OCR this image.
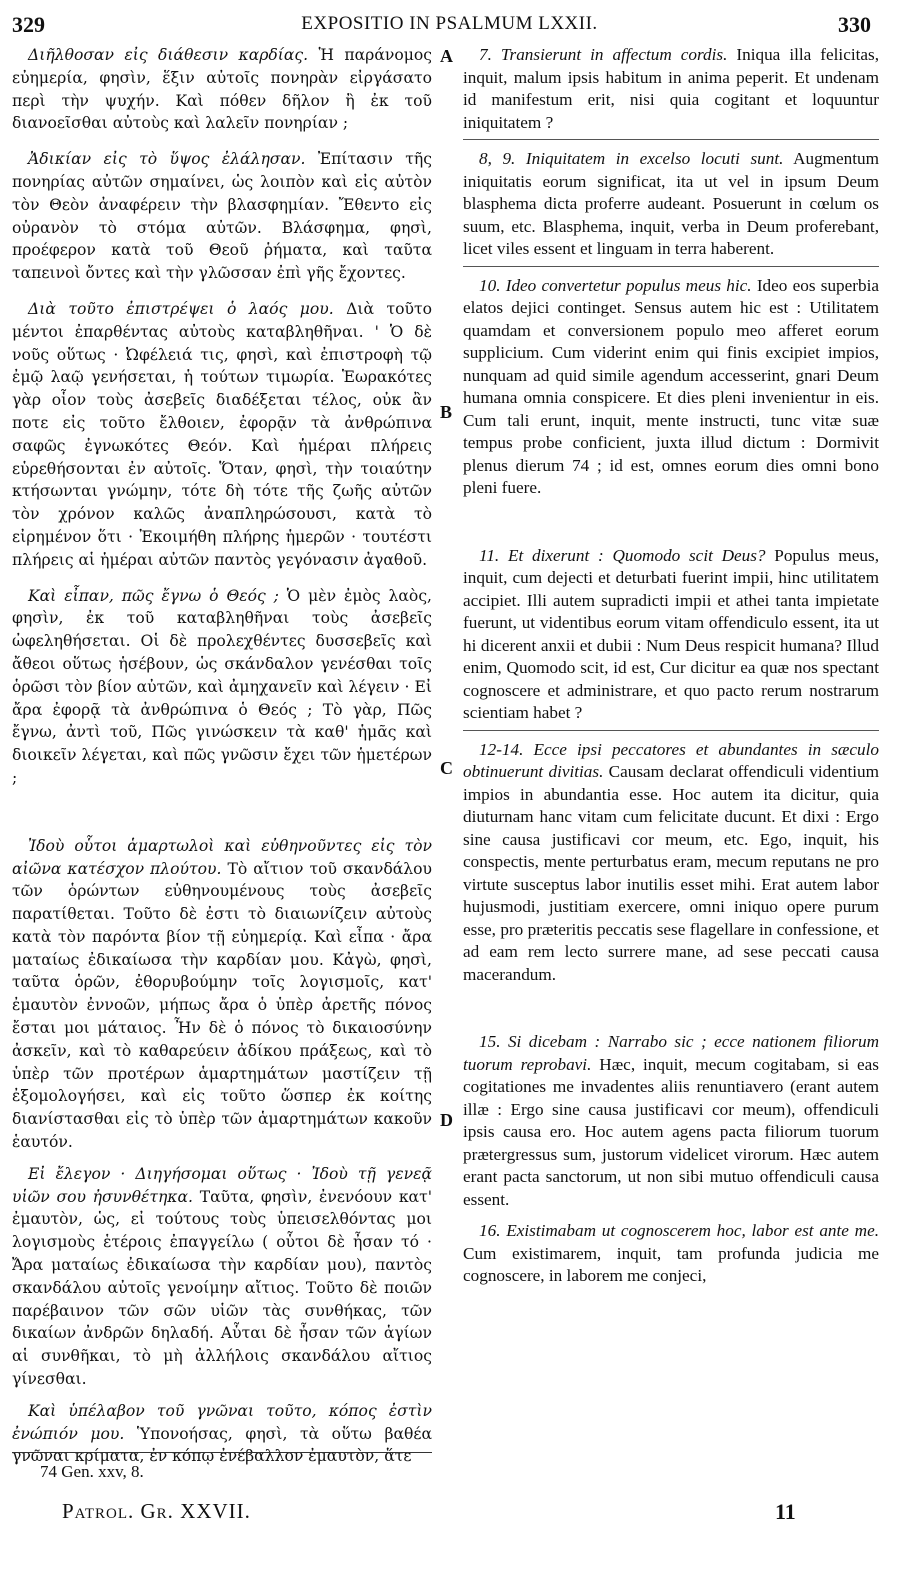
329	EXPOSITIO IN PSALMUM LXXII.	330
A
B
C
D

Διῆλθοσαν εἰς διάθεσιν καρδίας. Ἡ παράνομος εὐημερία, φησὶν, ἕξιν αὐτοῖς πονηρὰν εἰργάσατο περὶ τὴν ψυχήν. Καὶ πόθεν δῆλον ἢ ἐκ τοῦ διανοεῖσθαι αὐτοὺς καὶ λαλεῖν πονηρίαν ;

Ἀδικίαν εἰς τὸ ὕψος ἐλάλησαν. Ἐπίτασιν τῆς πονηρίας αὐτῶν σημαίνει, ὡς λοιπὸν καὶ εἰς αὐτὸν τὸν Θεὸν ἀναφέρειν τὴν βλασφημίαν. Ἔθεντο εἰς οὐρανὸν τὸ στόμα αὐτῶν. Βλάσφημα, φησὶ, προέφερον κατὰ τοῦ Θεοῦ ῥήματα, καὶ ταῦτα ταπεινοὶ ὄντες καὶ τὴν γλῶσσαν ἐπὶ γῆς ἔχοντες.

Διὰ τοῦτο ἐπιστρέψει ὁ λαός μου. Διὰ τοῦτο μέντοι ἐπαρθέντας αὐτοὺς καταβληθῆναι. ' Ὁ δὲ νοῦς οὕτως · Ὠφέλειά τις, φησὶ, καὶ ἐπιστροφὴ τῷ ἐμῷ λαῷ γενήσεται, ἡ τούτων τιμωρία. Ἑωρακότες γὰρ οἷον τοὺς ἀσεβεῖς διαδέξεται τέλος, οὐκ ἂν ποτε εἰς τοῦτο ἔλθοιεν, ἐφορᾷν τὰ ἀνθρώπινα σαφῶς ἐγνωκότες Θεόν. Καὶ ἡμέραι πλήρεις εὑρεθήσονται ἐν αὐτοῖς. Ὅταν, φησὶ, τὴν τοιαύτην κτήσωνται γνώμην, τότε δὴ τότε τῆς ζωῆς αὐτῶν τὸν χρόνον καλῶς ἀναπληρώσουσι, κατὰ τὸ εἰρημένον ὅτι · Ἐκοιμήθη πλήρης ἡμερῶν · τουτέστι πλήρεις αἱ ἡμέραι αὐτῶν παντὸς γεγόνασιν ἀγαθοῦ.

Καὶ εἶπαν, πῶς ἔγνω ὁ Θεός ; Ὁ μὲν ἐμὸς λαὸς, φησὶν, ἐκ τοῦ καταβληθῆναι τοὺς ἀσεβεῖς ὠφεληθήσεται. Οἱ δὲ προλεχθέντες δυσσεβεῖς καὶ ἄθεοι οὕτως ἡσέβουν, ὡς σκάνδαλον γενέσθαι τοῖς ὁρῶσι τὸν βίον αὐτῶν, καὶ ἀμηχανεῖν καὶ λέγειν · Εἰ ἄρα ἐφορᾷ τὰ ἀνθρώπινα ὁ Θεός ; Τὸ γὰρ, Πῶς ἔγνω, ἀντὶ τοῦ, Πῶς γινώσκειν τὰ καθ' ἡμᾶς καὶ διοικεῖν λέγεται, καὶ πῶς γνῶσιν ἔχει τῶν ἡμετέρων ;

Ἰδοὺ οὗτοι ἁμαρτωλοὶ καὶ εὐθηνοῦντες εἰς τὸν αἰῶνα κατέσχον πλούτου. Τὸ αἴτιον τοῦ σκανδάλου τῶν ὁρώντων εὐθηνουμένους τοὺς ἀσεβεῖς παρατίθεται. Τοῦτο δὲ ἐστι τὸ διαιωνίζειν αὐτοὺς κατὰ τὸν παρόντα βίον τῇ εὐημερίᾳ. Καὶ εἶπα · ἄρα ματαίως ἐδικαίωσα τὴν καρδίαν μου. Κἀγὼ, φησὶ, ταῦτα ὁρῶν, ἐθορυβούμην τοῖς λογισμοῖς, κατ' ἐμαυτὸν ἐννοῶν, μήπως ἄρα ὁ ὑπὲρ ἀρετῆς πόνος ἔσται μοι μάταιος. Ἦν δὲ ὁ πόνος τὸ δικαιοσύνην ἀσκεῖν, καὶ τὸ καθαρεύειν ἀδίκου πράξεως, καὶ τὸ ὑπὲρ τῶν προτέρων ἁμαρτημάτων μαστίζειν τῇ ἐξομολογήσει, καὶ εἰς τοῦτο ὥσπερ ἐκ κοίτης διανίστασθαι εἰς τὸ ὑπὲρ τῶν ἁμαρτημάτων κακοῦν ἑαυτόν.

Εἰ ἔλεγον · Διηγήσομαι οὕτως · Ἰδοὺ τῇ γενεᾷ υἱῶν σου ἠσυνθέτηκα. Ταῦτα, φησὶν, ἐνενόουν κατ' ἐμαυτὸν, ὡς, εἰ τούτους τοὺς ὑπεισελθόντας μοι λογισμοὺς ἑτέροις ἐπαγγείλω ( οὗτοι δὲ ἦσαν τό · Ἄρα ματαίως ἐδικαίωσα τὴν καρδίαν μου), παντὸς σκανδάλου αὐτοῖς γενοίμην αἴτιος. Τοῦτο δὲ ποιῶν παρέβαινον τῶν σῶν υἱῶν τὰς συνθήκας, τῶν δικαίων ἀνδρῶν δηλαδή. Αὗται δὲ ἦσαν τῶν ἁγίων αἱ συνθῆκαι, τὸ μὴ ἀλλήλοις σκανδάλου αἴτιος γίνεσθαι.

Καὶ ὑπέλαβον τοῦ γνῶναι τοῦτο, κόπος ἐστὶν ἐνώπιόν μου. Ὑπονοήσας, φησὶ, τὰ οὕτω βαθέα γνῶναι κρίματα, ἐν κόπῳ ἐνέβαλλον ἐμαυτὸν, ἅτε

7. Transierunt in affectum cordis. Iniqua illa felicitas, inquit, malum ipsis habitum in anima peperit. Et undenam id manifestum erit, nisi quia cogitant et loquuntur iniquitatem ?

8, 9. Iniquitatem in excelso locuti sunt. Augmentum iniquitatis eorum significat, ita ut vel in ipsum Deum blasphema dicta proferre audeant. Posuerunt in cœlum os suum, etc. Blasphema, inquit, verba in Deum proferebant, licet viles essent et linguam in terra haberent.

10. Ideo convertetur populus meus hic. Ideo eos superbia elatos dejici continget. Sensus autem hic est : Utilitatem quamdam et conversionem populo meo afferet eorum supplicium. Cum viderint enim qui finis excipiet impios, nunquam ad quid simile agendum accesserint, gnari Deum humana omnia conspicere. Et dies pleni invenientur in eis. Cum tali erunt, inquit, mente instructi, tunc vitæ suæ tempus probe conficient, juxta illud dictum : Dormivit plenus dierum 74 ; id est, omnes eorum dies omni bono pleni fuere.

11. Et dixerunt : Quomodo scit Deus? Populus meus, inquit, cum dejecti et deturbati fuerint impii, hinc utilitatem accipiet. Illi autem supradicti impii et athei tanta impietate fuerunt, ut videntibus eorum vitam offendiculo essent, ita ut hi dicerent anxii et dubii : Num Deus respicit humana? Illud enim, Quomodo scit, id est, Cur dicitur ea quæ nos spectant cognoscere et administrare, et quo pacto rerum nostrarum scientiam habet ?

12-14. Ecce ipsi peccatores et abundantes in sæculo obtinuerunt divitias. Causam declarat offendiculi videntium impios in abundantia esse. Hoc autem ita dicitur, quia diuturnam hanc vitam cum felicitate ducunt. Et dixi : Ergo sine causa justificavi cor meum, etc. Ego, inquit, his conspectis, mente perturbatus eram, mecum reputans ne pro virtute susceptus labor inutilis esset mihi. Erat autem labor hujusmodi, justitiam exercere, omni iniquo opere purum esse, pro præteritis peccatis sese flagellare in confessione, et ad eam rem lecto surrere mane, ad sese peccati causa macerandum.

15. Si dicebam : Narrabo sic ; ecce nationem filiorum tuorum reprobavi. Hæc, inquit, mecum cogitabam, si eas cogitationes me invadentes aliis renuntiavero (erant autem illæ : Ergo sine causa justificavi cor meum), offendiculi ipsis causa ero. Hoc autem agens pacta filiorum tuorum prætergressus sum, justorum videlicet virorum. Hæc autem erant pacta sanctorum, ut non sibi mutuo offendiculi causa essent.

16. Existimabam ut cognoscerem hoc, labor est ante me. Cum existimarem, inquit, tam profunda judicia me cognoscere, in laborem me conjeci,

74 Gen. xxv, 8.
Patrol. Gr. XXVII.	11
